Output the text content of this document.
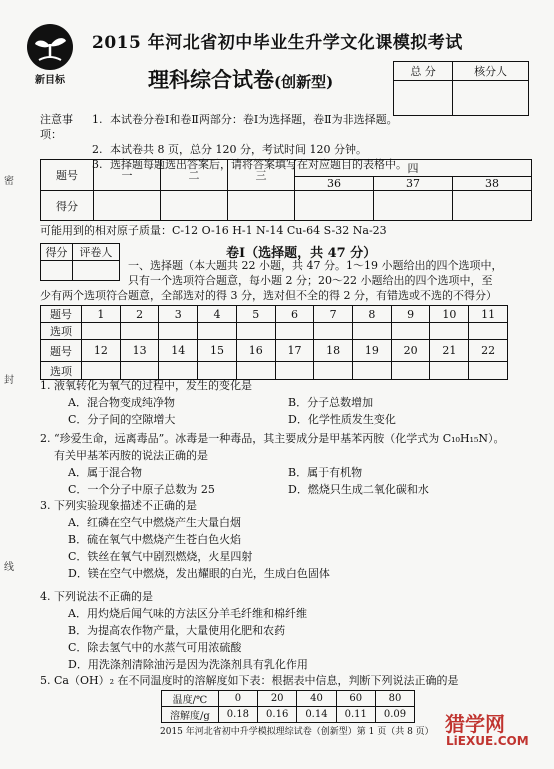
新目标
2015 年河北省初中毕业生升学文化课模拟考试
理科综合试卷(创新型)
总 分	核分人

注意事项：
1. 本试卷分卷Ⅰ和卷Ⅱ两部分：卷Ⅰ为选择题，卷Ⅱ为非选择题。
2. 本试卷共 8 页，总分 120 分，考试时间 120 分钟。
3. 选择题每题选出答案后，请将答案填写在对应题目的表格中。
题号	一	二	三	四		
				36	37	38
得分						
可能用到的相对原子质量：C-12 O-16 H-1 N-14 Cu-64 S-32 Na-23
得分	评卷人
		卷Ⅰ（选择题，共 47 分）
一、选择题（本大题共 22 小题，共 47 分。1～19 小题给出的四个选项中，
只有一个选项符合题意，每小题 2 分；20～22 小题给出的四个选项中，至
少有两个选项符合题意，全部选对的得 3 分，选对但不全的得 2 分，有错选或不选的不得分）
题号	1	2	3	4	5	6	7	8	9	10	11
选项											
题号	12	13	14	15	16	17	18	19	20	21	22
选项											
1. 液氧转化为氧气的过程中，发生的变化是
A．混合物变成纯净物	B．分子总数增加
C．分子间的空隙增大	D．化学性质发生变化
2. “珍爱生命，远离毒品”。冰毒是一种毒品，其主要成分是甲基苯丙胺（化学式为 C₁₀H₁₅N）。
有关甲基苯丙胺的说法正确的是
A．属于混合物	B．属于有机物
C．一个分子中原子总数为 25	D．燃烧只生成二氧化碳和水
3. 下列实验现象描述不正确的是
A．红磷在空气中燃烧产生大量白烟
B．硫在氧气中燃烧产生苍白色火焰
C．铁丝在氧气中剧烈燃烧，火星四射
D．镁在空气中燃烧，发出耀眼的白光，生成白色固体
4. 下列说法不正确的是
A．用灼烧后闻气味的方法区分羊毛纤维和棉纤维
B．为提高农作物产量，大量使用化肥和农药
C．除去氢气中的水蒸气可用浓硫酸
D．用洗涤剂清除油污是因为洗涤剂具有乳化作用
5. Ca（OH）₂ 在不同温度时的溶解度如下表：根据表中信息，判断下列说法正确的是
温度/℃	0	20	40	60	80
溶解度/g	0.18	0.16	0.14	0.11	0.09
2015 年河北省初中升学模拟理综试卷（创新型）第 1 页（共 8 页）
密
封
线
猎学网
LiEXUE.COM
